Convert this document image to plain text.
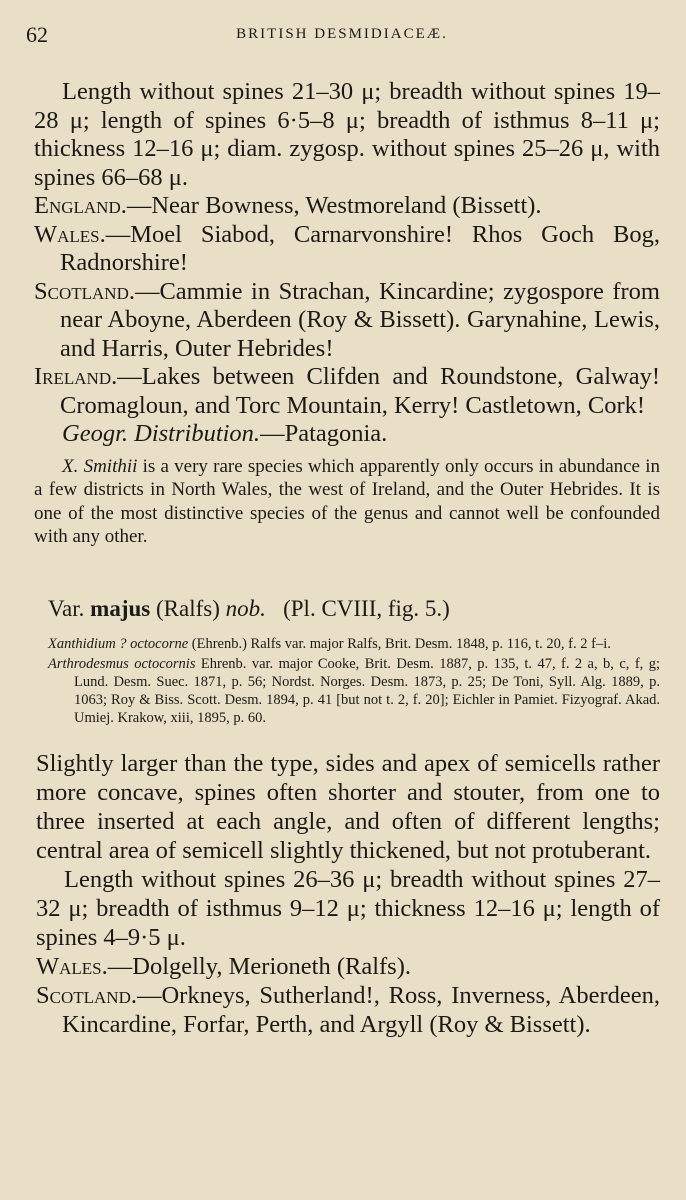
62	BRITISH DESMIDIACEÆ.

Length without spines 21–30 μ; breadth without spines 19–28 μ; length of spines 6·5–8 μ; breadth of isthmus 8–11 μ; thickness 12–16 μ; diam. zygosp. without spines 25–26 μ, with spines 66–68 μ.

England.—Near Bowness, Westmoreland (Bissett).

Wales.—Moel Siabod, Carnarvonshire! Rhos Goch Bog, Radnorshire!

Scotland.—Cammie in Strachan, Kincardine; zygospore from near Aboyne, Aberdeen (Roy & Bissett). Garynahine, Lewis, and Harris, Outer Hebrides!

Ireland.—Lakes between Clifden and Roundstone, Galway! Cromagloun, and Torc Mountain, Kerry! Castletown, Cork!

Geogr. Distribution.—Patagonia.

X. Smithii is a very rare species which apparently only occurs in abundance in a few districts in North Wales, the west of Ireland, and the Outer Hebrides. It is one of the most distinctive species of the genus and cannot well be confounded with any other.

Var. majus (Ralfs) nob. (Pl. CVIII, fig. 5.)

Xanthidium ? octocorne (Ehrenb.) Ralfs var. major Ralfs, Brit. Desm. 1848, p. 116, t. 20, f. 2 f–i.

Arthrodesmus octocornis Ehrenb. var. major Cooke, Brit. Desm. 1887, p. 135, t. 47, f. 2 a, b, c, f, g; Lund. Desm. Suec. 1871, p. 56; Nordst. Norges. Desm. 1873, p. 25; De Toni, Syll. Alg. 1889, p. 1063; Roy & Biss. Scott. Desm. 1894, p. 41 [but not t. 2, f. 20]; Eichler in Pamiet. Fizyograf. Akad. Umiej. Krakow, xiii, 1895, p. 60.

Slightly larger than the type, sides and apex of semicells rather more concave, spines often shorter and stouter, from one to three inserted at each angle, and often of different lengths; central area of semicell slightly thickened, but not protuberant.

Length without spines 26–36 μ; breadth without spines 27–32 μ; breadth of isthmus 9–12 μ; thickness 12–16 μ; length of spines 4–9·5 μ.

Wales.—Dolgelly, Merioneth (Ralfs).

Scotland.—Orkneys, Sutherland!, Ross, Inverness, Aberdeen, Kincardine, Forfar, Perth, and Argyll (Roy & Bissett).
